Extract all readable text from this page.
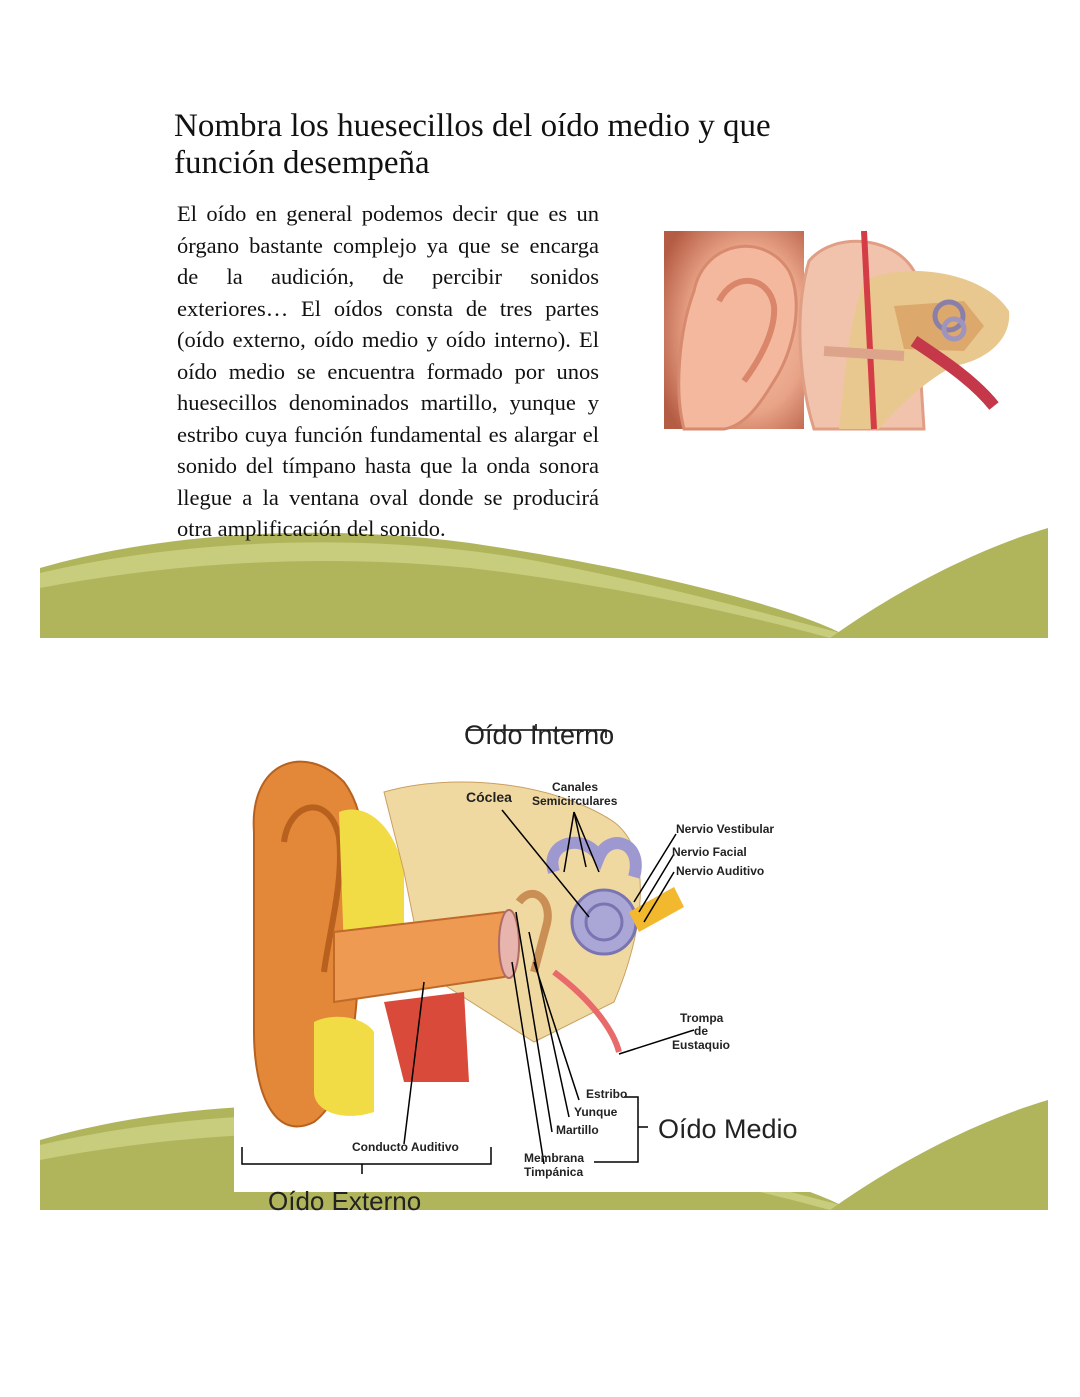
Nombra los huesecillos del oído medio y que función desempeña

El oído en general podemos decir que es un órgano bastante complejo ya que se encarga de la audición, de percibir sonidos exteriores… El oídos consta de tres partes (oído externo, oído medio y oído interno). El oído medio se encuentra formado por unos huesecillos denominados martillo, yunque y estribo cuya función fundamental es alargar el sonido del tímpano hasta que la onda sonora llegue a la ventana oval donde se producirá otra amplificación del sonido.

Oído Interno
Cóclea
Canales
Semicirculares
Nervio Vestibular
Nervio Facial
Nervio Auditivo
Trompa
de
Eustaquio
Estribo
Yunque
Martillo Oído Medio
Conducto Auditivo
Membrana
Timpánica
Oído Externo
